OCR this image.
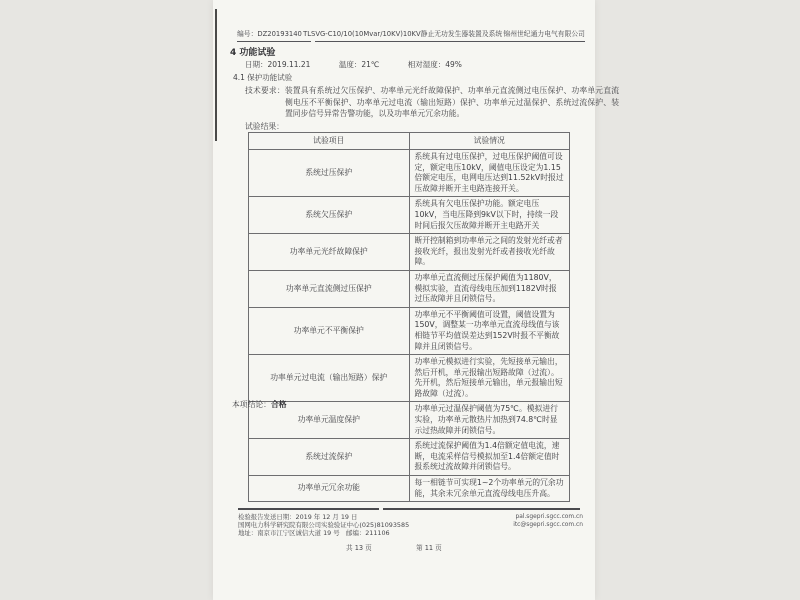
编号：DZ20193140 TLSVG-C10/10(10Mvar/10KV)10KV静止无功发生器装置及系统 锦州世纪通力电气有限公司
4 功能试验
日期：2019.11.21	温度：21℃	相对湿度：49%
4.1 保护功能试验

技术要求：装置具有系统过欠压保护、功率单元光纤故障保护、功率单元直流侧过电压保护、功率单元直流侧电压不平衡保护、功率单元过电流（输出短路）保护、功率单元过温保护、系统过流保护、装置同步信号异常告警功能，以及功率单元冗余功能。

试验结果：
试验项目	试验情况
系统过压保护	系统具有过电压保护，过电压保护阈值可设定，额定电压10kV，阈值电压设定为1.15倍额定电压，电网电压达到11.52kV时报过压故障并断开主电路连接开关。
系统欠压保护	系统具有欠电压保护功能。额定电压10kV，当电压降到9kV以下时，持续一段时间后报欠压故障并断开主电路开关
功率单元光纤故障保护	断开控制箱到功率单元之间的发射光纤或者接收光纤，报出发射光纤或者接收光纤故障。
功率单元直流侧过压保护	功率单元直流侧过压保护阈值为1180V，模拟实验，直流母线电压加到1182V时报过压故障并且闭锁信号。
功率单元不平衡保护	功率单元不平衡阈值可设置，阈值设置为150V，调整某一功率单元直流母线值与该相链节平均值误差达到152V时报不平衡故障并且闭锁信号。
功率单元过电流（输出短路）保护	功率单元模拟进行实验，先短接单元输出，然后开机，单元报输出短路故障（过流）。先开机，然后短接单元输出，单元报输出短路故障（过流）。
功率单元温度保护	功率单元过温保护阈值为75℃。模拟进行实验，功率单元散热片加热到74.8℃时显示过热故障并闭锁信号。
系统过流保护	系统过流保护阈值为1.4倍额定值电流，速断，电流采样信号模拟加至1.4倍额定值时报系统过流故障并闭锁信号。
功率单元冗余功能	每一相链节可实现1~2个功率单元的冗余功能，其余未冗余单元直流母线电压升高。
本项结论：合格
检验报告发送日期：2019 年 12 月 19 日
国网电力科学研究院有限公司实验验证中心(025)81093585
地址：南京市江宁区诚信大道 19 号　邮编：211106
pal.sgepri.sgcc.com.cn
itc@sgepri.sgcc.com.cn
共 13 页	第 11 页
